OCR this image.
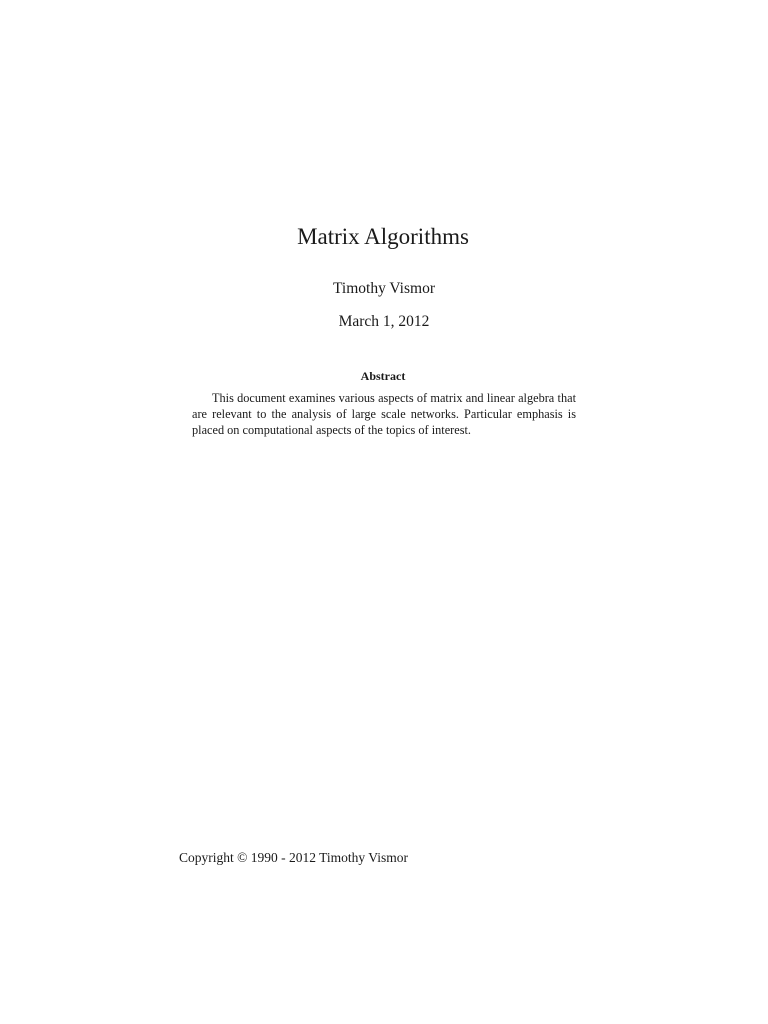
Matrix Algorithms
Timothy Vismor
March 1, 2012
Abstract

This document examines various aspects of matrix and linear algebra that are relevant to the analysis of large scale networks. Particular emphasis is placed on computational aspects of the topics of interest.

Copyright © 1990 - 2012 Timothy Vismor
